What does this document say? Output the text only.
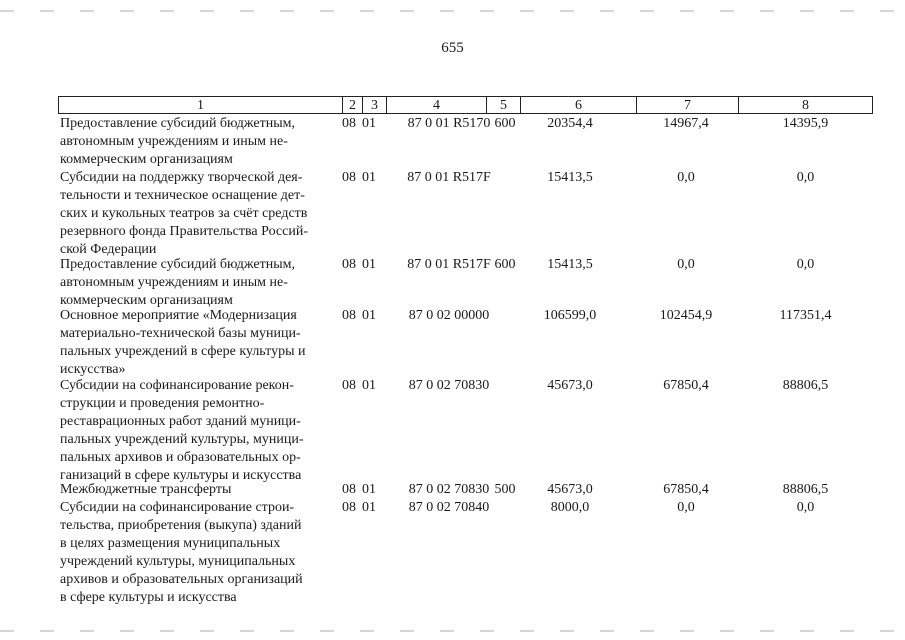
655
1	2	3	4	5	6	7	8
Предоставление субсидий бюджетным,
автономным учреждениям и иным не-
коммерческим организациям
08 01	87 0 01 R5170 600	20354,4	14967,4	14395,9
Субсидии на поддержку творческой дея-
тельности и техническое оснащение дет-
ских и кукольных театров за счёт средств
резервного фонда Правительства Россий-
ской Федерации
08 01	87 0 01 R517F	15413,5	0,0	0,0
Предоставление субсидий бюджетным,
автономным учреждениям и иным не-
коммерческим организациям
08 01	87 0 01 R517F 600	15413,5	0,0	0,0
Основное мероприятие «Модернизация
материально-технической базы муници-
пальных учреждений в сфере культуры и
искусства»
08 01	87 0 02 00000	106599,0	102454,9	117351,4
Субсидии на софинансирование рекон-
струкции и проведения ремонтно-
реставрационных работ зданий муници-
пальных учреждений культуры, муници-
пальных архивов и образовательных ор-
ганизаций в сфере культуры и искусства
08 01	87 0 02 70830	45673,0	67850,4	88806,5
Межбюджетные трансферты	08 01	87 0 02 70830 500	45673,0	67850,4	88806,5
Субсидии на софинансирование строи-
тельства, приобретения (выкупа) зданий
в целях размещения муниципальных
учреждений культуры, муниципальных
архивов и образовательных организаций
в сфере культуры и искусства
08 01	87 0 02 70840	8000,0	0,0	0,0
